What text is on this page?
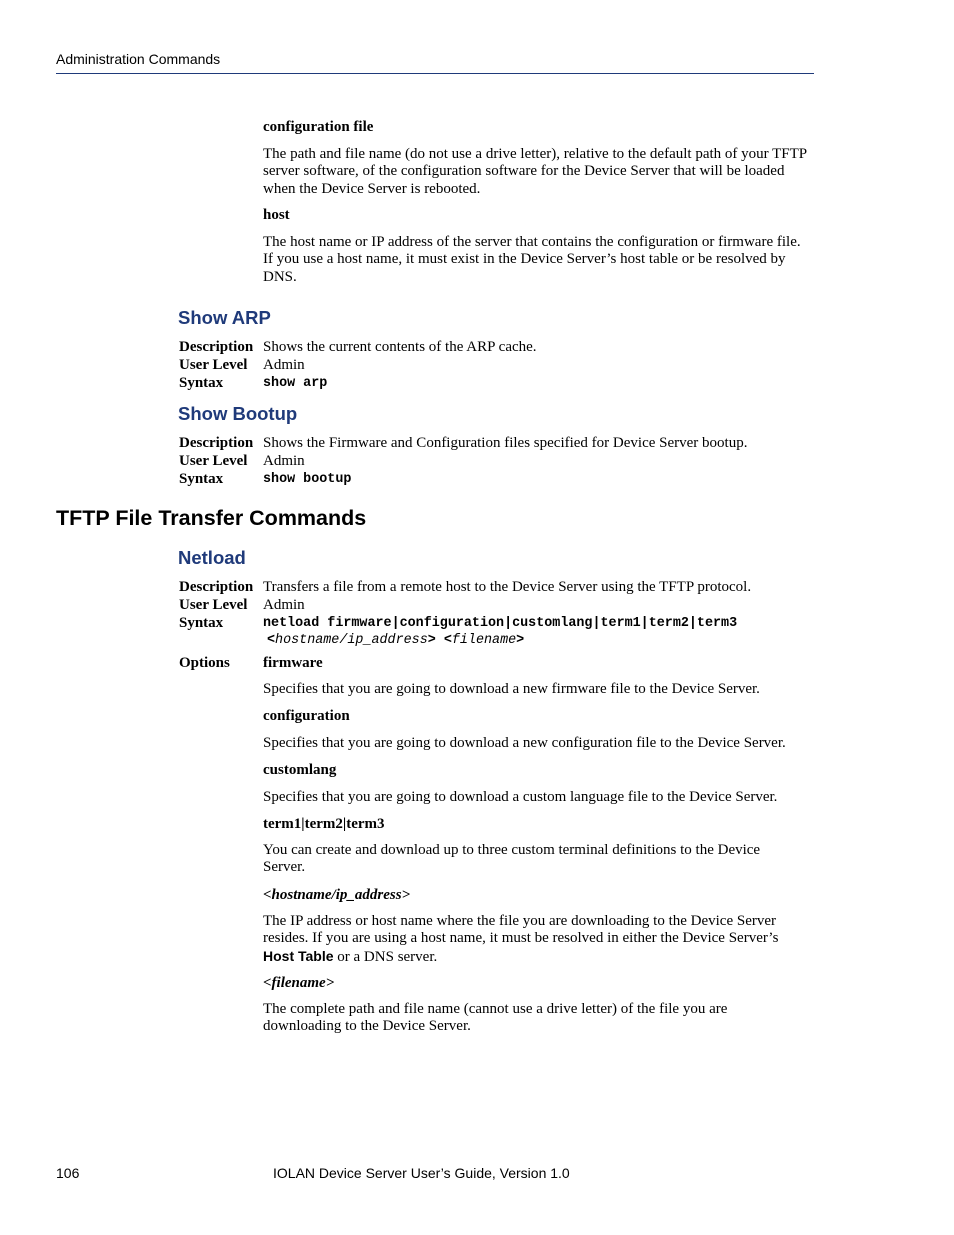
Administration Commands
configuration file
The path and file name (do not use a drive letter), relative to the default path of your TFTP server software, of the configuration software for the Device Server that will be loaded when the Device Server is rebooted.
host
The host name or IP address of the server that contains the configuration or firmware file. If you use a host name, it must exist in the Device Server’s host table or be resolved by DNS.
Show ARP
Description Shows the current contents of the ARP cache.
User Level Admin
Syntax	show arp
Show Bootup
Description Shows the Firmware and Configuration files specified for Device Server bootup.
User Level Admin
Syntax	show bootup
TFTP File Transfer Commands
Netload
Description Transfers a file from a remote host to the Device Server using the TFTP protocol.
User Level Admin
Syntax	netload firmware|configuration|customlang|term1|term2|term3
<hostname/ip_address> <filename>
Options firmware
Specifies that you are going to download a new firmware file to the Device Server.
configuration
Specifies that you are going to download a new configuration file to the Device Server.
customlang
Specifies that you are going to download a custom language file to the Device Server.
term1|term2|term3
You can create and download up to three custom terminal definitions to the Device Server.
<hostname/ip_address>
The IP address or host name where the file you are downloading to the Device Server resides. If you are using a host name, it must be resolved in either the Device Server’s Host Table or a DNS server.
<filename>
The complete path and file name (cannot use a drive letter) of the file you are downloading to the Device Server.
106	IOLAN Device Server User’s Guide, Version 1.0
